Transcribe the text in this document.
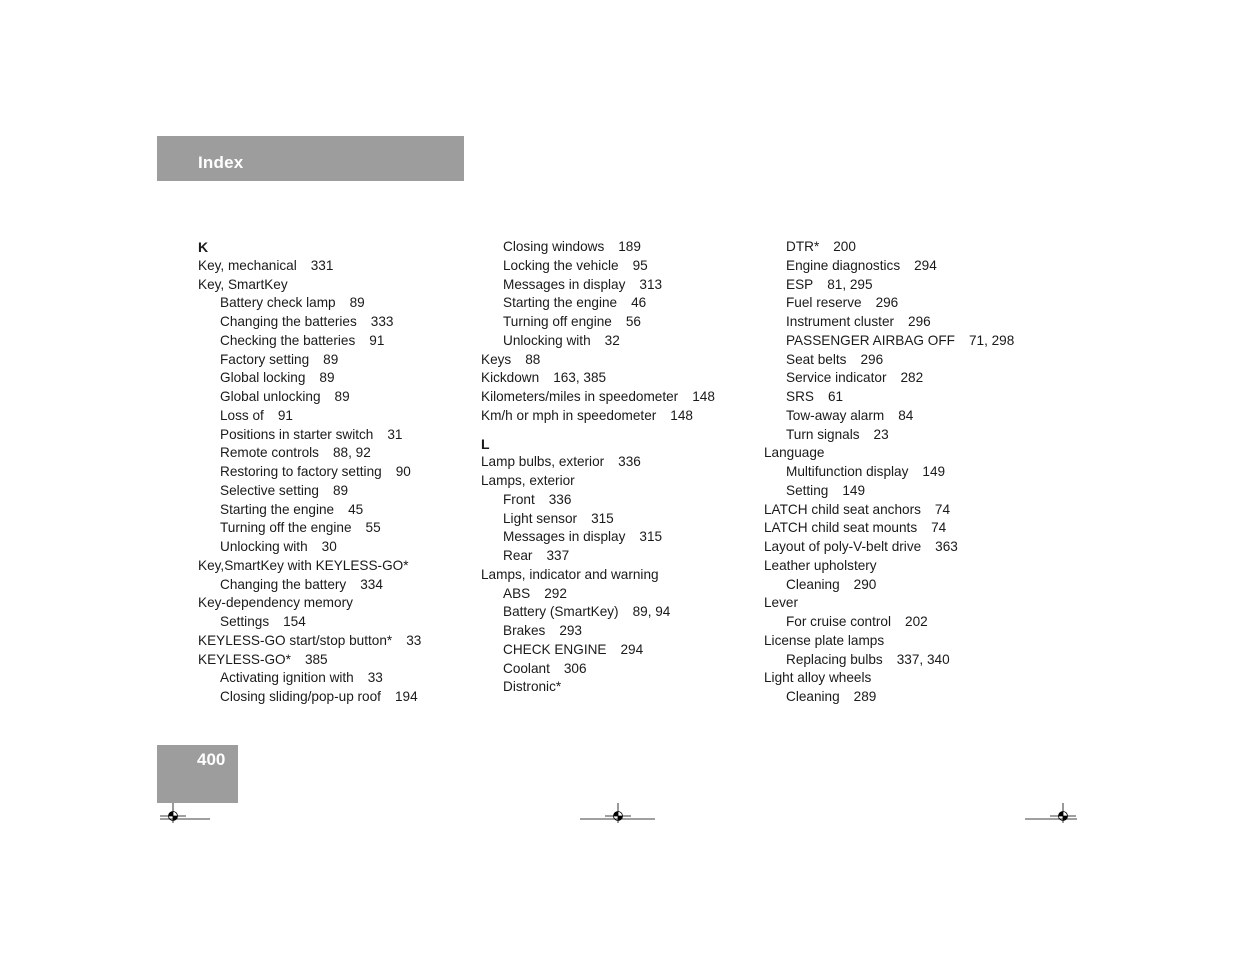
Index
K
Key, mechanical 331
Key, SmartKey
Battery check lamp 89
Changing the batteries 333
Checking the batteries 91
Factory setting 89
Global locking 89
Global unlocking 89
Loss of 91
Positions in starter switch 31
Remote controls 88, 92
Restoring to factory setting 90
Selective setting 89
Starting the engine 45
Turning off the engine 55
Unlocking with 30
Key,SmartKey with KEYLESS-GO*
Changing the battery 334
Key-dependency memory
Settings 154
KEYLESS-GO start/stop button* 33
KEYLESS-GO* 385
Activating ignition with 33
Closing sliding/pop-up roof 194
Closing windows 189
Locking the vehicle 95
Messages in display 313
Starting the engine 46
Turning off engine 56
Unlocking with 32
Keys 88
Kickdown 163, 385
Kilometers/miles in speedometer 148
Km/h or mph in speedometer 148
L
Lamp bulbs, exterior 336
Lamps, exterior
Front 336
Light sensor 315
Messages in display 315
Rear 337
Lamps, indicator and warning
ABS 292
Battery (SmartKey) 89, 94
Brakes 293
CHECK ENGINE 294
Coolant 306
Distronic*
DTR* 200
Engine diagnostics 294
ESP 81, 295
Fuel reserve 296
Instrument cluster 296
PASSENGER AIRBAG OFF 71, 298
Seat belts 296
Service indicator 282
SRS 61
Tow-away alarm 84
Turn signals 23
Language
Multifunction display 149
Setting 149
LATCH child seat anchors 74
LATCH child seat mounts 74
Layout of poly-V-belt drive 363
Leather upholstery
Cleaning 290
Lever
For cruise control 202
License plate lamps
Replacing bulbs 337, 340
Light alloy wheels
Cleaning 289
400
